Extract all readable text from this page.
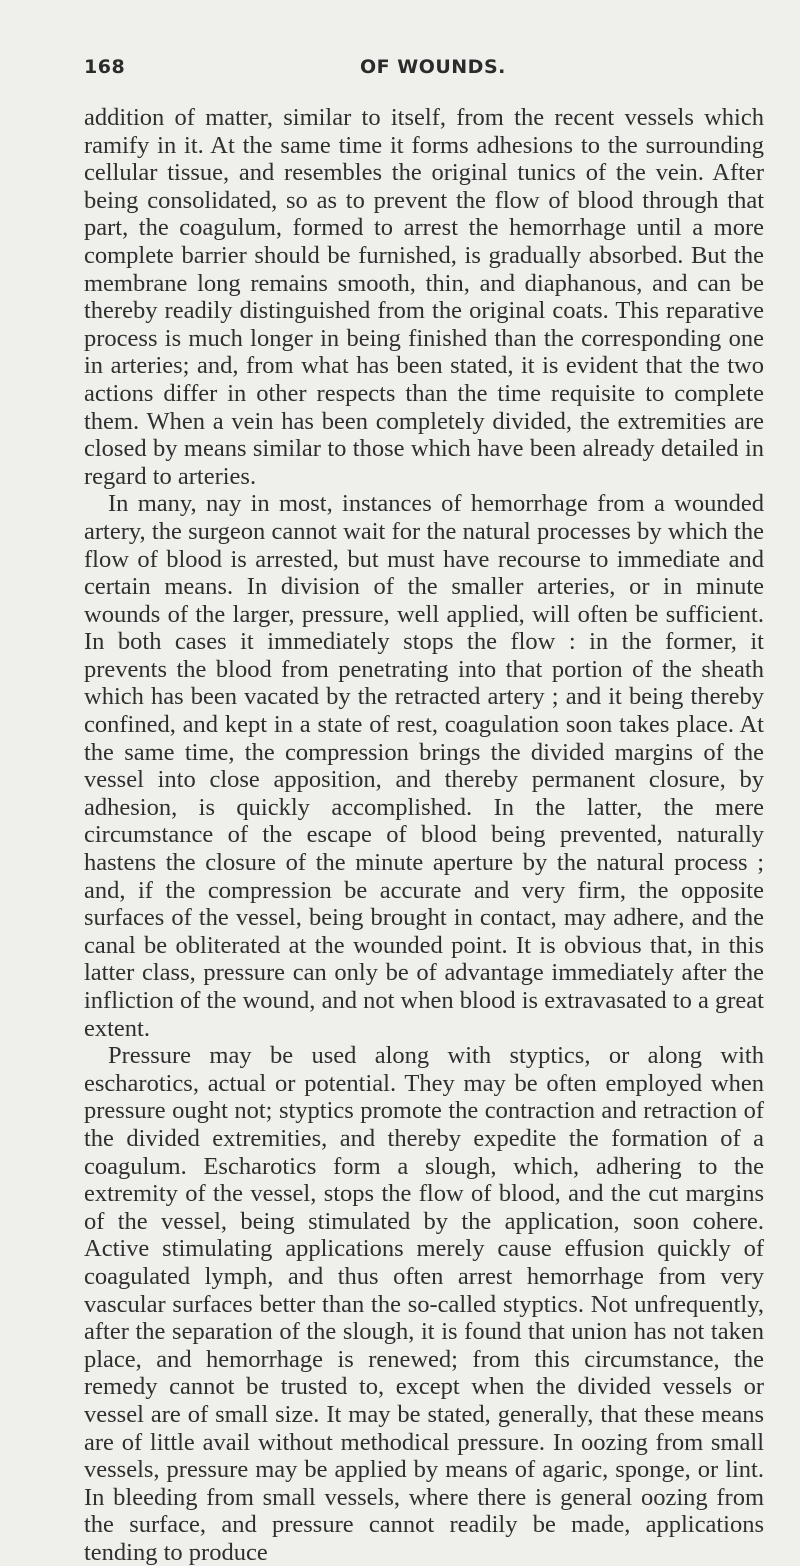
168	OF WOUNDS.

addition of matter, similar to itself, from the recent vessels which ramify in it. At the same time it forms adhesions to the surrounding cellular tissue, and resembles the original tunics of the vein. After being consolidated, so as to prevent the flow of blood through that part, the coagulum, formed to arrest the hemorrhage until a more complete barrier should be furnished, is gradually absorbed. But the membrane long remains smooth, thin, and diaphanous, and can be thereby readily distinguished from the original coats. This reparative process is much longer in being finished than the corresponding one in arteries; and, from what has been stated, it is evident that the two actions differ in other respects than the time requisite to complete them. When a vein has been completely divided, the extremities are closed by means similar to those which have been already detailed in regard to arteries.

In many, nay in most, instances of hemorrhage from a wounded artery, the surgeon cannot wait for the natural processes by which the flow of blood is arrested, but must have recourse to immediate and certain means. In division of the smaller arteries, or in minute wounds of the larger, pressure, well applied, will often be sufficient. In both cases it immediately stops the flow : in the former, it prevents the blood from penetrating into that portion of the sheath which has been vacated by the retracted artery ; and it being thereby confined, and kept in a state of rest, coagulation soon takes place. At the same time, the compression brings the divided margins of the vessel into close apposition, and thereby permanent closure, by adhesion, is quickly accomplished. In the latter, the mere circumstance of the escape of blood being prevented, naturally hastens the closure of the minute aperture by the natural process ; and, if the compression be accurate and very firm, the opposite surfaces of the vessel, being brought in contact, may adhere, and the canal be obliterated at the wounded point. It is obvious that, in this latter class, pressure can only be of advantage immediately after the infliction of the wound, and not when blood is extravasated to a great extent.

Pressure may be used along with styptics, or along with escharotics, actual or potential. They may be often employed when pressure ought not; styptics promote the contraction and retraction of the divided extremities, and thereby expedite the formation of a coagulum. Escharotics form a slough, which, adhering to the extremity of the vessel, stops the flow of blood, and the cut margins of the vessel, being stimulated by the application, soon cohere. Active stimulating applications merely cause effusion quickly of coagulated lymph, and thus often arrest hemorrhage from very vascular surfaces better than the so-called styptics. Not unfrequently, after the separation of the slough, it is found that union has not taken place, and hemorrhage is renewed; from this circumstance, the remedy cannot be trusted to, except when the divided vessels or vessel are of small size. It may be stated, generally, that these means are of little avail without methodical pressure. In oozing from small vessels, pressure may be applied by means of agaric, sponge, or lint. In bleeding from small vessels, where there is general oozing from the surface, and pressure cannot readily be made, applications tending to produce
